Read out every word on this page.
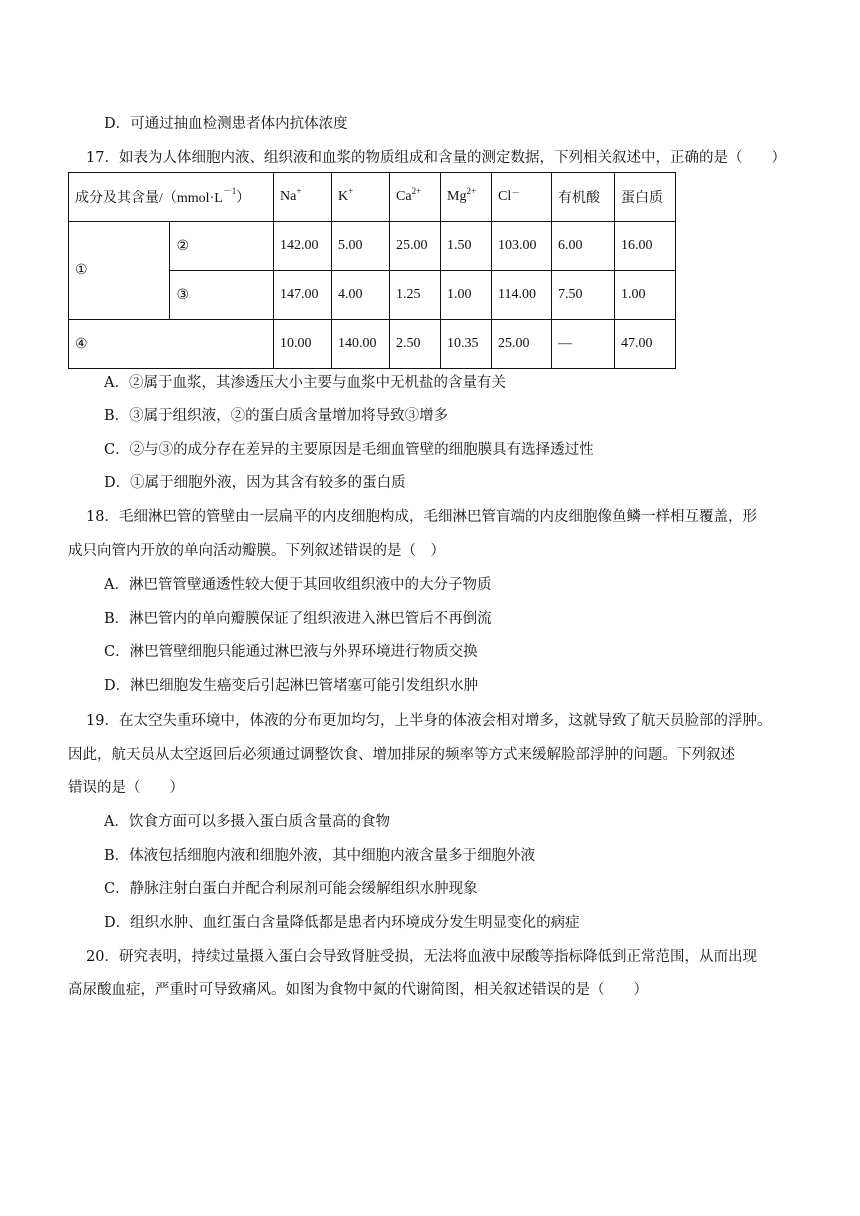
D．可通过抽血检测患者体内抗体浓度
17．如表为人体细胞内液、组织液和血浆的物质组成和含量的测定数据，下列相关叙述中，正确的是（　　）
成分及其含量$/(mmol\cdot L^{-1})$		Na+	K+	$Ca^{2+}$	$Mg^{2+}$	Cl－	有机酸	蛋白质
①	②	142.00	5.00	25.00	1.50	103.00	6.00	16.00
	③	147.00	4.00	1.25	1.00	114.00	7.50	1.00
④		10.00	140.00	2.50	10.35	25.00	—	47.00
A．②属于血浆，其渗透压大小主要与血浆中无机盐的含量有关
B．③属于组织液，②的蛋白质含量增加将导致③增多
C．②与③的成分存在差异的主要原因是毛细血管壁的细胞膜具有选择透过性
D．①属于细胞外液，因为其含有较多的蛋白质
18．毛细淋巴管的管壁由一层扁平的内皮细胞构成，毛细淋巴管盲端的内皮细胞像鱼鳞一样相互覆盖，形
成只向管内开放的单向活动瓣膜。下列叙述错误的是（　）
A．淋巴管管壁通透性较大便于其回收组织液中的大分子物质
B．淋巴管内的单向瓣膜保证了组织液进入淋巴管后不再倒流
C．淋巴管壁细胞只能通过淋巴液与外界环境进行物质交换
D．淋巴细胞发生癌变后引起淋巴管堵塞可能引发组织水肿
19．在太空失重环境中，体液的分布更加均匀，上半身的体液会相对增多，这就导致了航天员脸部的浮肿。
因此，航天员从太空返回后必须通过调整饮食、增加排尿的频率等方式来缓解脸部浮肿的问题。下列叙述
错误的是（　　）
A．饮食方面可以多摄入蛋白质含量高的食物
B．体液包括细胞内液和细胞外液，其中细胞内液含量多于细胞外液
C．静脉注射白蛋白并配合利尿剂可能会缓解组织水肿现象
D．组织水肿、血红蛋白含量降低都是患者内环境成分发生明显变化的病症
20．研究表明，持续过量摄入蛋白会导致肾脏受损，无法将血液中尿酸等指标降低到正常范围，从而出现
高尿酸血症，严重时可导致痛风。如图为食物中氮的代谢简图，相关叙述错误的是（　　）
